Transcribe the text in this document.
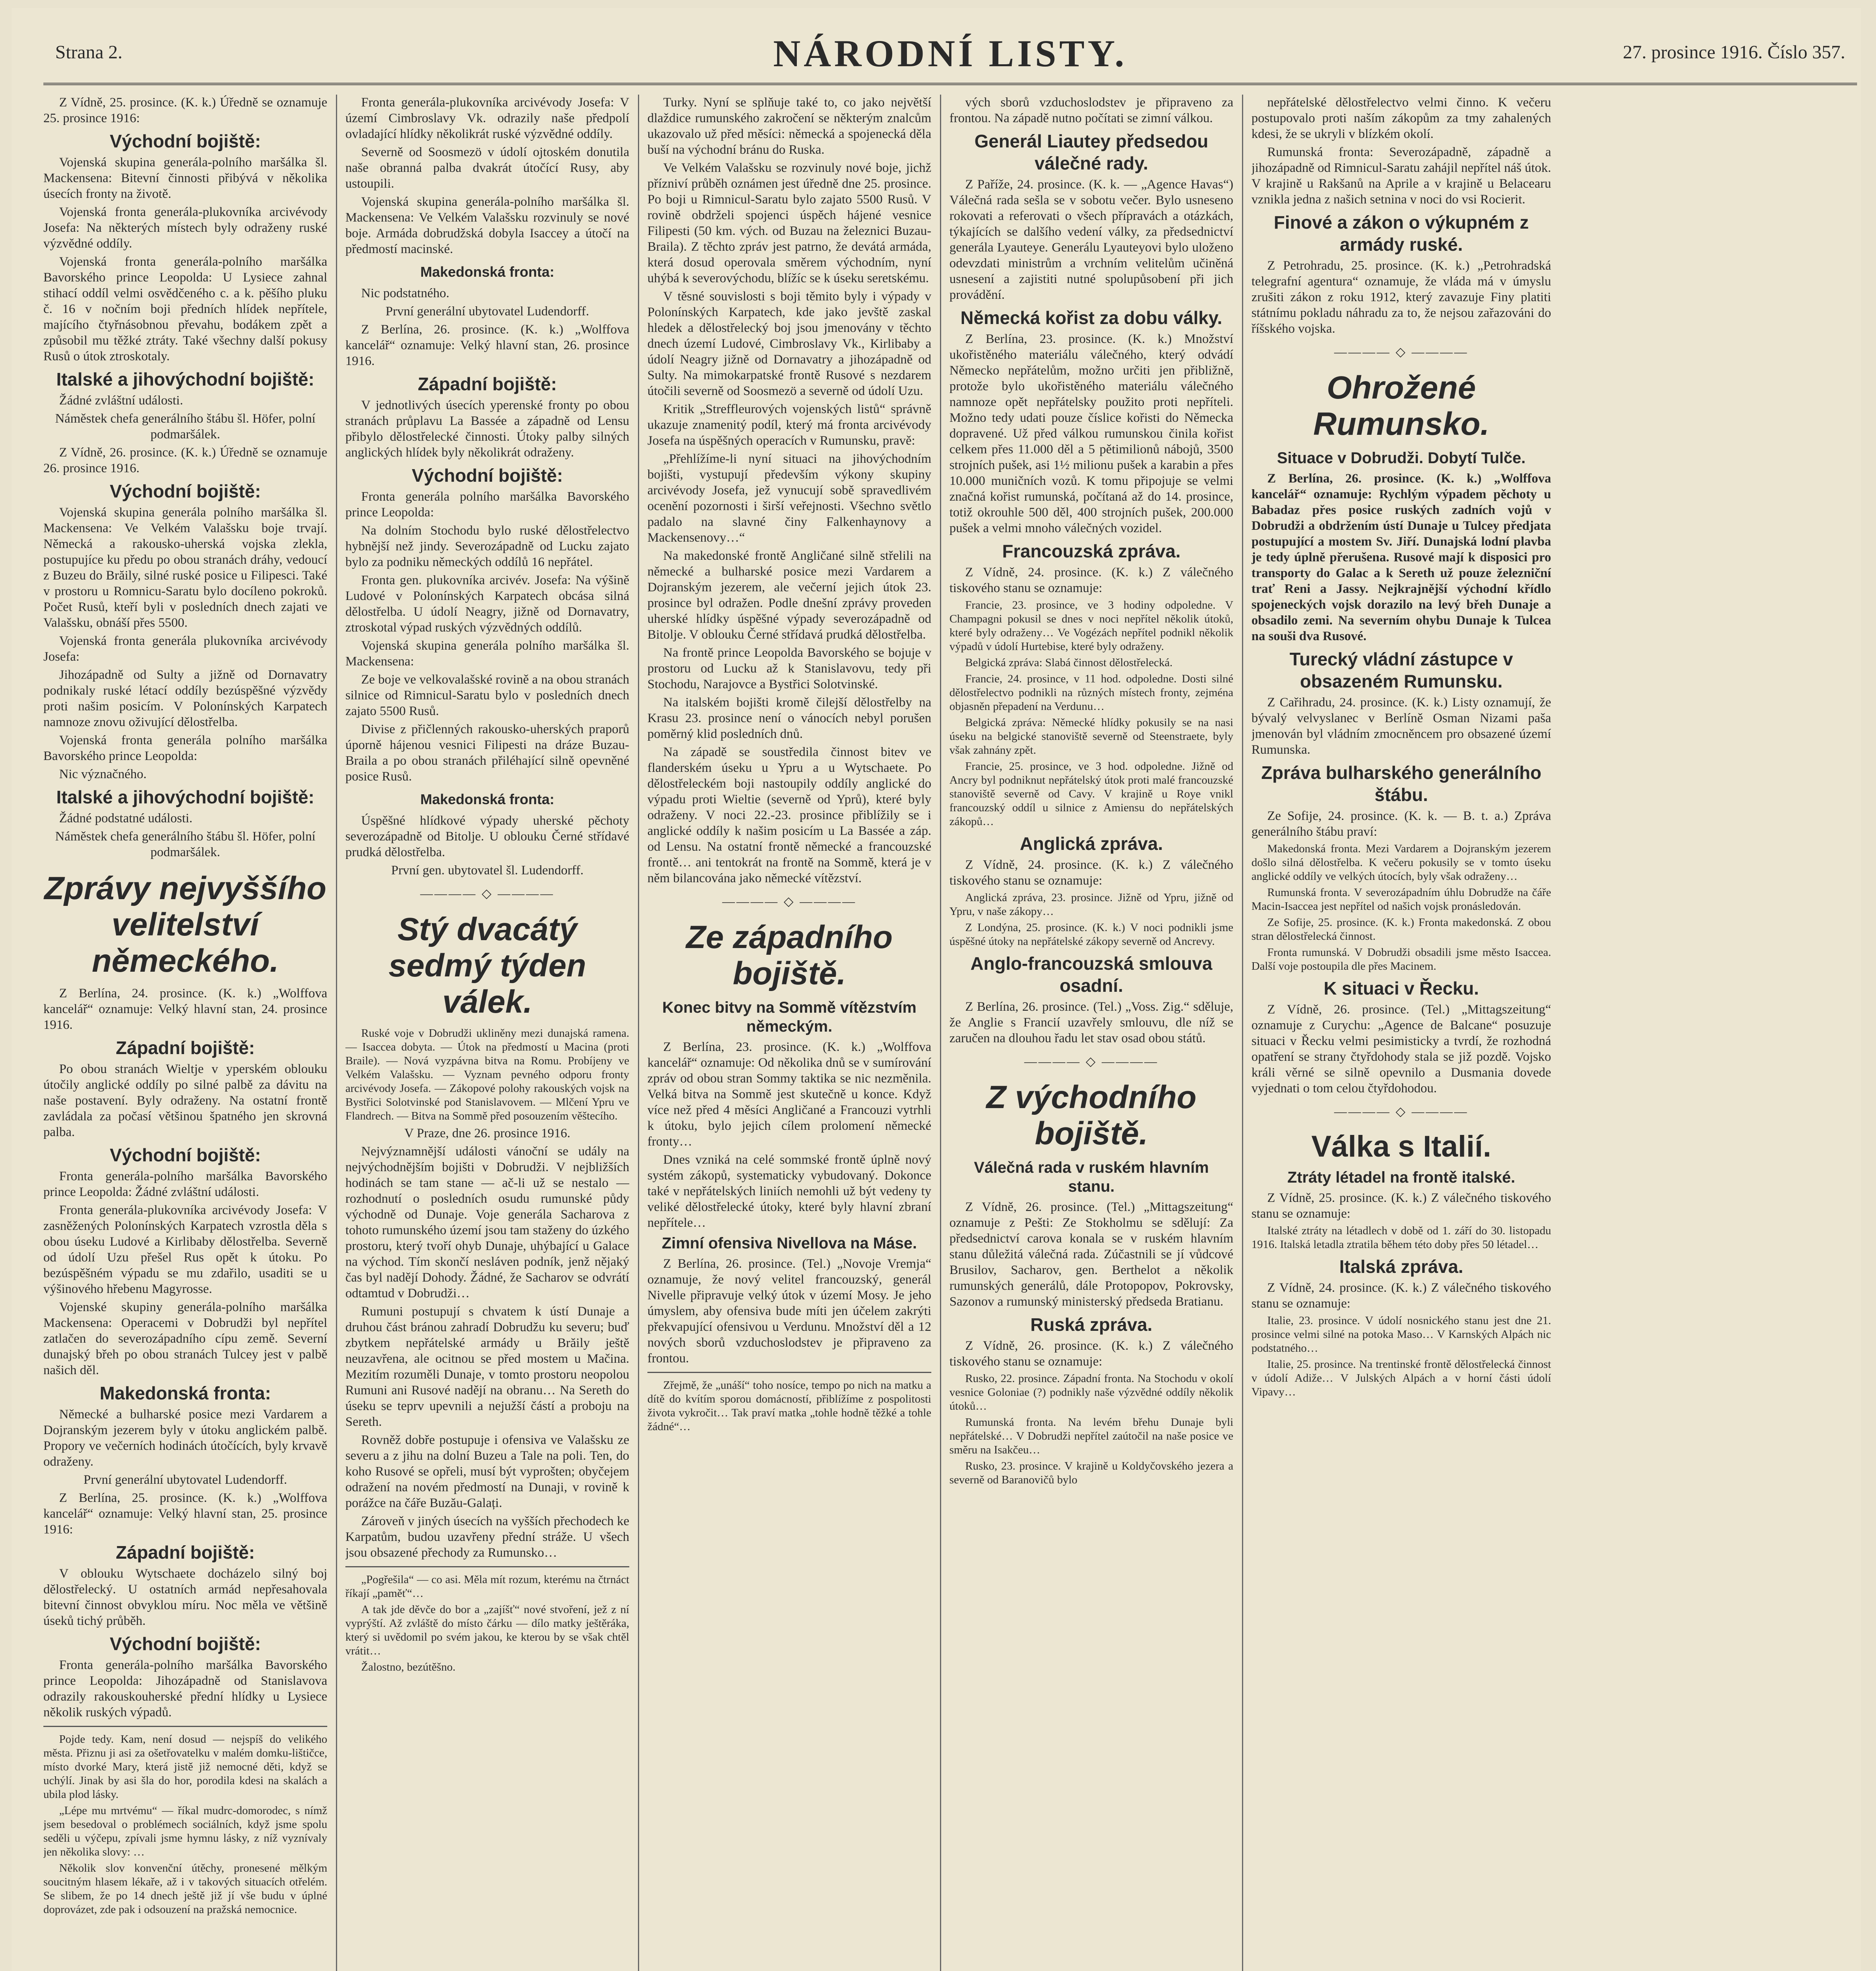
Strana 2.	NÁRODNÍ LISTY.	27. prosince 1916. Číslo 357.

Z Vídně, 25. prosince. (K. k.) Úředně se oznamuje 25. prosince 1916:

Východní bojiště:

Vojenská skupina generála-polního maršálka šl. Mackensena: Bitevní činnosti přibývá v několika úsecích fronty na životě.

Vojenská fronta generála-plukovníka arcivévody Josefa: Na některých místech byly odraženy ruské výzvědné oddíly.

Vojenská fronta generála-polního maršálka Bavorského prince Leopolda: U Lysiece zahnal stihací oddíl velmi osvědčeného c. a k. pěšího pluku č. 16 v nočním boji předních hlídek nepřítele, majícího čtyřnásobnou převahu, bodákem zpět a způsobil mu těžké ztráty. Také všechny další pokusy Rusů o útok ztroskotaly.

Italské a jihovýchodní bojiště:

Žádné zvláštní události.

Náměstek chefa generálního štábu šl. Höfer, polní podmaršálek.

Z Vídně, 26. prosince. (K. k.) Úředně se oznamuje 26. prosince 1916.

Východní bojiště:

Vojenská skupina generála polního maršálka šl. Mackensena: Ve Velkém Valašsku boje trvají. Německá a rakousko-uherská vojska zlekla, postupujíce ku předu po obou stranách dráhy, vedoucí z Buzeu do Brăily, silné ruské posice u Filipesci. Také v prostoru u Romnicu-Saratu bylo docíleno pokroků. Počet Rusů, kteří byli v posledních dnech zajati ve Valašsku, obnáší přes 5500.

Vojenská fronta generála plukovníka arcivévody Josefa:

Jihozápadně od Sulty a jižně od Dornavatry podnikaly ruské létací oddíly bezúspěšné výzvědy proti našim posicím. V Polonínských Karpatech namnoze znovu oživující dělostřelba.

Vojenská fronta generála polního maršálka Bavorského prince Leopolda:

Nic význačného.

Italské a jihovýchodní bojiště:

Žádné podstatné události.

Náměstek chefa generálního štábu šl. Höfer, polní podmaršálek.

Zprávy nejvyššího velitelství německého.

Z Berlína, 24. prosince. (K. k.) „Wolffova kancelář“ oznamuje: Velký hlavní stan, 24. prosince 1916.

Západní bojiště:

Po obou stranách Wieltje v yperském oblouku útočily anglické oddíly po silné palbě za dávitu na naše postavení. Byly odraženy. Na ostatní frontě zavládala za počasí většinou špatného jen skrovná palba.

Východní bojiště:

Fronta generála-polního maršálka Bavorského prince Leopolda: Žádné zvláštní události.

Fronta generála-plukovníka arcivévody Josefa: V zasněžených Polonínských Karpatech vzrostla děla s obou úseku Ludové a Kirlibaby dělostřelba. Severně od údolí Uzu přešel Rus opět k útoku. Po bezúspěšném výpadu se mu zdařilo, usaditi se u výšinového hřebenu Magyrosse.

Vojenské skupiny generála-polního maršálka Mackensena: Operacemi v Dobrudži byl nepřítel zatlačen do severozápadního cípu země. Severní dunajský břeh po obou stranách Tulcey jest v palbě našich děl.

Makedonská fronta:

Německé a bulharské posice mezi Vardarem a Dojranským jezerem byly v útoku anglickém palbě. Propory ve večerních hodinách útočících, byly krvavě odraženy.

První generální ubytovatel Ludendorff.

Z Berlína, 25. prosince. (K. k.) „Wolffova kancelář“ oznamuje: Velký hlavní stan, 25. prosince 1916:

Západní bojiště:

V oblouku Wytschaete docházelo silný boj dělostřelecký. U ostatních armád nepřesahovala bitevní činnost obvyklou míru. Noc měla ve většině úseků tichý průběh.

Východní bojiště:

Fronta generála-polního maršálka Bavorského prince Leopolda: Jihozápadně od Stanislavova odrazily rakouskouherské přední hlídky u Lysiece několik ruských výpadů.

Pojde tedy. Kam, není dosud — nejspíš do velikého města. Přiznu ji asi za ošetřovatelku v malém domku-lištičce, místo dvorké Mary, která jistě již nemocné děti, když se uchýlí. Jinak by asi šla do hor, porodila kdesi na skalách a ubila plod lásky.

„Lépe mu mrtvému“ — říkal mudrc-domorodec, s nímž jsem besedoval o problémech sociálních, když jsme spolu seděli u výčepu, zpívali jsme hymnu lásky, z níž vyznívaly jen několika slovy: …

Několik slov konvenční útěchy, pronesené mělkým soucitným hlasem lékaře, až i v takových situacích otřelém. Se slibem, že po 14 dnech ještě již jí vše budu v úplné doprovázet, zde pak i odsouzení na pražská nemocnice.

Fronta generála-plukovníka arcivévody Josefa: V území Cimbroslavy Vk. odrazily naše předpolí ovladající hlídky několikrát ruské výzvědné oddíly.

Severně od Soosmezö v údolí ojtoském donutila naše obranná palba dvakrát útočící Rusy, aby ustoupili.

Vojenská skupina generála-polního maršálka šl. Mackensena: Ve Velkém Valašsku rozvinuly se nové boje. Armáda dobrudžská dobyla Isaccey a útočí na předmostí macinské.

Makedonská fronta:

Nic podstatného.

První generální ubytovatel Ludendorff.

Z Berlína, 26. prosince. (K. k.) „Wolffova kancelář“ oznamuje: Velký hlavní stan, 26. prosince 1916.

Západní bojiště:

V jednotlivých úsecích yperenské fronty po obou stranách průplavu La Bassée a západně od Lensu přibylo dělostřelecké činnosti. Útoky palby silných anglických hlídek byly několikrát odraženy.

Východní bojiště:

Fronta generála polního maršálka Bavorského prince Leopolda:

Na dolním Stochodu bylo ruské dělostřelectvo hybnější než jindy. Severozápadně od Lucku zajato bylo za podniku německých oddílů 16 nepřátel.

Fronta gen. plukovníka arcivév. Josefa: Na výšině Ludové v Polonínských Karpatech obcása silná dělostřelba. U údolí Neagry, jižně od Dornavatry, ztroskotal výpad ruských výzvědných oddílů.

Vojenská skupina generála polního maršálka šl. Mackensena:

Ze boje ve velkovalašské rovině a na obou stranách silnice od Rimnicul-Saratu bylo v posledních dnech zajato 5500 Rusů.

Divise z přičlenných rakousko-uherských praporů úporně hájenou vesnici Filipesti na dráze Buzau-Braila a po obou stranách přiléhající silně opevněné posice Rusů.

Makedonská fronta:

Úspěšné hlídkové výpady uherské pěchoty severozápadně od Bitolje. U oblouku Černé střídavé prudká dělostřelba.

První gen. ubytovatel šl. Ludendorff.

———— ◇ ————
Stý dvacátý sedmý týden válek.

Ruské voje v Dobrudži ukliněny mezi dunajská ramena. — Isaccea dobyta. — Útok na předmostí u Macina (proti Braile). — Nová vyzpávna bitva na Romu. Probíjeny ve Velkém Valašsku. — Vyznam pevného odporu fronty arcivévody Josefa. — Zákopové polohy rakouských vojsk na Bystřici Solotvinské pod Stanislavovem. — Mlčení Ypru ve Flandrech. — Bitva na Sommě před posouzením věštecího.

V Praze, dne 26. prosince 1916.

Nejvýznamnější události vánoční se udály na nejvýchodnějším bojišti v Dobrudži. V nejbližších hodinách se tam stane — ač-li už se nestalo — rozhodnutí o posledních osudu rumunské půdy východně od Dunaje. Voje generála Sacharova z tohoto rumunského území jsou tam staženy do úzkého prostoru, který tvoří ohyb Dunaje, uhýbající u Galace na východ. Tím skončí nesláven podník, jenž nějaký čas byl nadějí Dohody. Žádné, že Sacharov se odvrátí odtamtud v Dobrudži…

Rumuni postupují s chvatem k ústí Dunaje a druhou část bránou zahradí Dobrudžu ku severu; buď zbytkem nepřátelské armády u Brăily ještě neuzavřena, ale ocitnou se před mostem u Mačina. Mezitím rozuměli Dunaje, v tomto prostoru neopolou Rumuni ani Rusové nadějí na obranu… Na Sereth do úseku se teprv upevnili a nejužší částí a proboju na Sereth.

Rovněž dobře postupuje i ofensiva ve Valašsku ze severu a z jihu na dolní Buzeu a Tale na poli. Ten, do koho Rusové se opřeli, musí být vyprošten; obyčejem odražení na novém předmostí na Dunaji, v rovině k porážce na čáře Buzău-Galați.

Zároveň v jiných úsecích na vyšších přechodech ke Karpatům, budou uzavřeny přední stráže. U všech jsou obsazené přechody za Rumunsko…

„Pogřešila“ — co asi. Měla mít rozum, kterému na čtrnáct říkají „paměť“…

A tak jde děvče do bor a „zajíšť“ nové stvoření, jež z ní vyprýští. Až zvláště do místo čárku — dílo matky ještěráka, který si uvědomil po svém jakou, ke kterou by se však chtěl vrátit…

Žalostno, bezútěšno.

Turky. Nyní se splňuje také to, co jako největší dlaždice rumunského zakročení se některým znalcům ukazovalo už před měsíci: německá a spojenecká děla buší na východní bránu do Ruska.

Ve Velkém Valašsku se rozvinuly nové boje, jichž přízniví průběh oznámen jest úředně dne 25. prosince. Po boji u Rimnicul-Saratu bylo zajato 5500 Rusů. V rovině obdrželi spojenci úspěch hájené vesnice Filipesti (50 km. vých. od Buzau na železnici Buzau-Braila). Z těchto zpráv jest patrno, že devátá armáda, která dosud operovala směrem východním, nyní uhýbá k severovýchodu, blížíc se k úseku seretskému.

V těsné souvislosti s boji těmito byly i výpady v Polonínských Karpatech, kde jako jevště zaskal hledek a dělostřelecký boj jsou jmenovány v těchto dnech území Ludové, Cimbroslavy Vk., Kirlibaby a údolí Neagry jižně od Dornavatry a jihozápadně od Sulty. Na mimokarpatské frontě Rusové s nezdarem útočili severně od Soosmezö a severně od údolí Uzu.

Kritik „Streffleurových vojenských listů“ správně ukazuje znamenitý podíl, který má fronta arcivévody Josefa na úspěšných operacích v Rumunsku, pravě:

„Přehlížíme-li nyní situaci na jihovýchodním bojišti, vystupují především výkony skupiny arcivévody Josefa, jež vynucují sobě spravedlivém ocenění pozornosti i širší veřejnosti. Všechno světlo padalo na slavné činy Falkenhaynovy a Mackensenovy…“

Na makedonské frontě Angličané silně střelili na německé a bulharské posice mezi Vardarem a Dojranským jezerem, ale večerní jejich útok 23. prosince byl odražen. Podle dnešní zprávy proveden uherské hlídky úspěšné výpady severozápadně od Bitolje. V oblouku Černé střídavá prudká dělostřelba.

Na frontě prince Leopolda Bavorského se bojuje v prostoru od Lucku až k Stanislavovu, tedy při Stochodu, Narajovce a Bystřici Solotvinské.

Na italském bojišti kromě čilejší dělostřelby na Krasu 23. prosince není o vánocích nebyl porušen poměrný klid posledních dnů.

Na západě se soustředila činnost bitev ve flanderském úseku u Ypru a u Wytschaete. Po dělostřeleckém boji nastoupily oddíly anglické do výpadu proti Wieltie (severně od Yprů), které byly odraženy. V noci 22.-23. prosince přiblížily se i anglické oddíly k našim posicím u La Bassée a záp. od Lensu. Na ostatní frontě německé a francouzské frontě… ani tentokrát na frontě na Sommě, která je v něm bilancována jako německé vítězství.

———— ◇ ————
Ze západního bojiště.
Konec bitvy na Sommě vítězstvím německým.

Z Berlína, 23. prosince. (K. k.) „Wolffova kancelář“ oznamuje: Od několika dnů se v sumírování zpráv od obou stran Sommy taktika se nic nezměnila. Velká bitva na Sommě jest skutečně u konce. Když více než před 4 měsíci Angličané a Francouzi vytrhli k útoku, bylo jejich cílem prolomení německé fronty…

Dnes vzniká na celé sommské frontě úplně nový systém zákopů, systematicky vybudovaný. Dokonce také v nepřátelských liniích nemohli už být vedeny ty veliké dělostřelecké útoky, které byly hlavní zbraní nepřítele…

Zimní ofensiva Nivellova na Máse.

Z Berlína, 26. prosince. (Tel.) „Novoje Vremja“ oznamuje, že nový velitel francouzský, generál Nivelle připravuje velký útok v území Mosy. Je jeho úmyslem, aby ofensiva bude míti jen účelem zakrýti překvapující ofensivou u Verdunu. Množství děl a 12 nových sborů vzduchoslodstev je připraveno za frontou.

Zřejmě, že „unáší“ toho nosíce, tempo po nich na matku a dítě do kvítím sporou domácností, přiblížíme z pospolitosti života vykročit… Tak praví matka „tohle hodně těžké a tohle žádné“…

vých sborů vzduchoslodstev je připraveno za frontou. Na západě nutno počítati se zimní válkou.

Generál Liautey předsedou válečné rady.

Z Paříže, 24. prosince. (K. k. — „Agence Havas“) Válečná rada sešla se v sobotu večer. Bylo usneseno rokovati a referovati o všech přípravách a otázkách, týkajících se dalšího vedení války, za předsednictví generála Lyauteye. Generálu Lyauteyovi bylo uloženo odevzdati ministrům a vrchním velitelům učiněná usnesení a zajistiti nutné spolupůsobení při jich provádění.

Německá kořist za dobu války.

Z Berlína, 23. prosince. (K. k.) Množství ukořistěného materiálu válečného, který odvádí Německo nepřátelům, možno určiti jen přibližně, protože bylo ukořistěného materiálu válečného namnoze opět nepřátelsky použito proti nepříteli. Možno tedy udati pouze číslice kořisti do Německa dopravené. Už před válkou rumunskou činila kořist celkem přes 11.000 děl a 5 pětimilionů nábojů, 3500 strojních pušek, asi 1½ milionu pušek a karabin a přes 10.000 muničních vozů. K tomu připojuje se velmi značná kořist rumunská, počítaná až do 14. prosince, totiž okrouhle 500 děl, 400 strojních pušek, 200.000 pušek a velmi mnoho válečných vozidel.

Francouzská zpráva.

Z Vídně, 24. prosince. (K. k.) Z válečného tiskového stanu se oznamuje:

Francie, 23. prosince, ve 3 hodiny odpoledne. V Champagni pokusil se dnes v noci nepřítel několik útoků, které byly odraženy… Ve Vogézách nepřítel podnikl několik výpadů v údolí Hurtebise, které byly odraženy.

Belgická zpráva: Slabá činnost dělostřelecká.

Francie, 24. prosince, v 11 hod. odpoledne. Dosti silné dělostřelectvo podnikli na různých místech fronty, zejména objasněn přepadení na Verdunu…

Belgická zpráva: Německé hlídky pokusily se na nasi úseku na belgické stanoviště severně od Steenstraete, byly však zahnány zpět.

Francie, 25. prosince, ve 3 hod. odpoledne. Jižně od Ancry byl podniknut nepřátelský útok proti malé francouzské stanoviště severně od Cavy. V krajině u Roye vnikl francouzský oddíl u silnice z Amiensu do nepřátelských zákopů…

Anglická zpráva.

Z Vídně, 24. prosince. (K. k.) Z válečného tiskového stanu se oznamuje:

Anglická zpráva, 23. prosince. Jižně od Ypru, jižně od Ypru, v naše zákopy…

Z Londýna, 25. prosince. (K. k.) V noci podnikli jsme úspěšné útoky na nepřátelské zákopy severně od Ancrevy.

Anglo-francouzská smlouva osadní.

Z Berlína, 26. prosince. (Tel.) „Voss. Zig.“ sděluje, že Anglie s Francií uzavřely smlouvu, dle níž se zaručen na dlouhou řadu let stav osad obou států.

———— ◇ ————
Z východního bojiště.
Válečná rada v ruském hlavním stanu.

Z Vídně, 26. prosince. (Tel.) „Mittagszeitung“ oznamuje z Pešti: Ze Stokholmu se sdělují: Za předsednictví carova konala se v ruském hlavním stanu důležitá válečná rada. Zúčastnili se jí vůdcové Brusilov, Sacharov, gen. Berthelot a několik rumunských generálů, dále Protopopov, Pokrovsky, Sazonov a rumunský ministerský předseda Bratianu.

Ruská zpráva.

Z Vídně, 26. prosince. (K. k.) Z válečného tiskového stanu se oznamuje:

Rusko, 22. prosince. Západní fronta. Na Stochodu v okolí vesnice Goloniae (?) podnikly naše výzvědné oddíly několik útoků…

Rumunská fronta. Na levém břehu Dunaje byli nepřátelské… V Dobrudži nepřítel zaútočil na naše posice ve směru na Isakčeu…

Rusko, 23. prosince. V krajině u Koldyčovského jezera a severně od Baranovičů bylo

nepřátelské dělostřelectvo velmi činno. K večeru postupovalo proti naším zákopům za tmy zahalených kdesi, že se ukryli v blízkém okolí.

Rumunská fronta: Severozápadně, západně a jihozápadně od Rimnicul-Saratu zahájil nepřítel náš útok. V krajině u Rakšanů na Aprile a v krajině u Belacearu vznikla jedna z našich setnina v noci do vsi Rocierit.

Finové a zákon o výkupném z armády ruské.

Z Petrohradu, 25. prosince. (K. k.) „Petrohradská telegrafní agentura“ oznamuje, že vláda má v úmyslu zrušiti zákon z roku 1912, který zavazuje Finy platiti státnímu pokladu náhradu za to, že nejsou zařazováni do říšského vojska.

———— ◇ ————
Ohrožené Rumunsko.
Situace v Dobrudži. Dobytí Tulče.

Z Berlína, 26. prosince. (K. k.) „Wolffova kancelář“ oznamuje: Rychlým výpadem pěchoty u Babadaz přes posice ruských zadních vojů v Dobrudži a obdržením ústí Dunaje u Tulcey předjata postupující a mostem Sv. Jiří. Dunajská lodní plavba je tedy úplně přerušena. Rusové mají k disposici pro transporty do Galac a k Sereth už pouze železniční trať Reni a Jassy. Nejkrajnější východní křídlo spojeneckých vojsk dorazilo na levý břeh Dunaje a obsadilo zemi. Na severním ohybu Dunaje k Tulcea na souši dva Rusové.

Turecký vládní zástupce v obsazeném Rumunsku.

Z Cařihradu, 24. prosince. (K. k.) Listy oznamují, že bývalý velvyslanec v Berlíně Osman Nizami paša jmenován byl vládním zmocněncem pro obsazené území Rumunska.

Zpráva bulharského generálního štábu.

Ze Sofije, 24. prosince. (K. k. — B. t. a.) Zpráva generálního štábu praví:

Makedonská fronta. Mezi Vardarem a Dojranským jezerem došlo silná dělostřelba. K večeru pokusily se v tomto úseku anglické oddíly ve velkých útocích, byly však odraženy…

Rumunská fronta. V severozápadním úhlu Dobrudže na čáře Macin-Isaccea jest nepřítel od našich vojsk pronásledován.

Ze Sofije, 25. prosince. (K. k.) Fronta makedonská. Z obou stran dělostřelecká činnost.

Fronta rumunská. V Dobrudži obsadili jsme město Isaccea. Další voje postoupila dle přes Macinem.

K situaci v Řecku.

Z Vídně, 26. prosince. (Tel.) „Mittagszeitung“ oznamuje z Curychu: „Agence de Balcane“ posuzuje situaci v Řecku velmi pesimisticky a tvrdí, že rozhodná opatření se strany čtyřdohody stala se již pozdě. Vojsko králi věrné se silně opevnilo a Dusmania dovede vyjednati o tom celou čtyřdohodou.

———— ◇ ————
Válka s Italií.
Ztráty létadel na frontě italské.

Z Vídně, 25. prosince. (K. k.) Z válečného tiskového stanu se oznamuje:

Italské ztráty na létadlech v době od 1. září do 30. listopadu 1916. Italská letadla ztratila během této doby přes 50 létadel…

Italská zpráva.

Z Vídně, 24. prosince. (K. k.) Z válečného tiskového stanu se oznamuje:

Italie, 23. prosince. V údolí nosnického stanu jest dne 21. prosince velmi silné na potoka Maso… V Karnských Alpách nic podstatného…

Italie, 25. prosince. Na trentinské frontě dělostřelecká činnost v údolí Adiže… V Julských Alpách a v horní části údolí Vipavy…
